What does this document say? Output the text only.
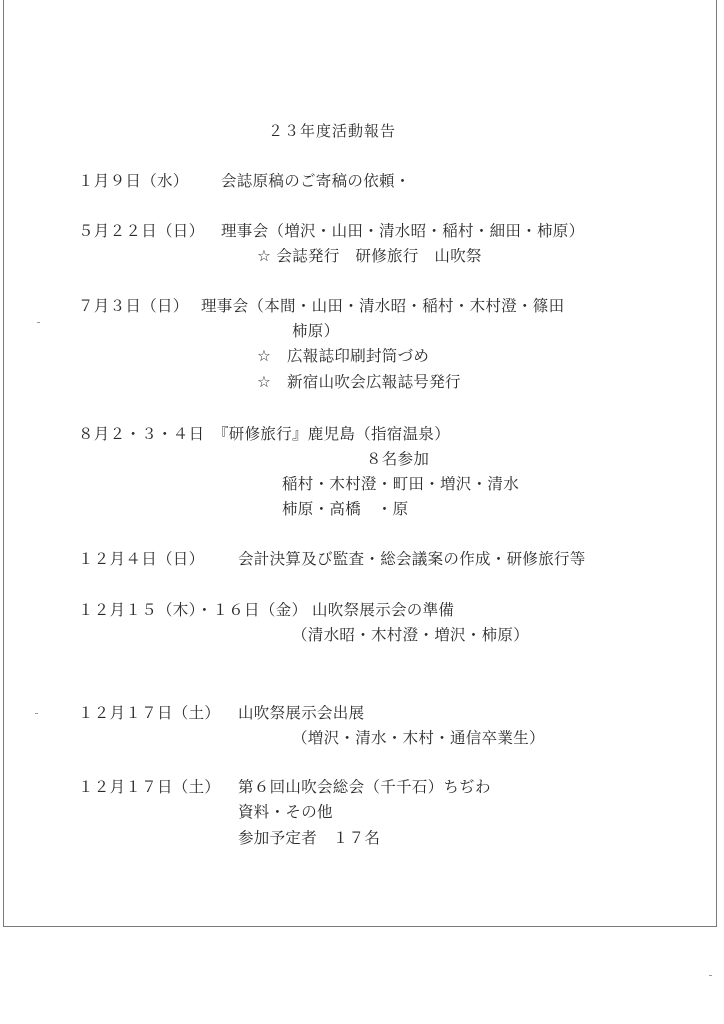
２３年度活動報告
１月９日（水） 会誌原稿のご寄稿の依頼・
５月２２日（日） 理事会（増沢・山田・清水昭・稲村・細田・柿原）
☆ 会誌発行　研修旅行　山吹祭
７月３日（日） 理事会（本間・山田・清水昭・稲村・木村澄・篠田
柿原）
☆　広報誌印刷封筒づめ
☆　新宿山吹会広報誌号発行
８月２・３・４日 『研修旅行』鹿児島（指宿温泉）
８名参加
稲村・木村澄・町田・増沢・清水
柿原・高橋　・原
１２月４日（日） 会計決算及び監査・総会議案の作成・研修旅行等
１２月１５（木）・１６日（金） 山吹祭展示会の準備
（清水昭・木村澄・増沢・柿原）
１２月１７日（土） 山吹祭展示会出展
（増沢・清水・木村・通信卒業生）
１２月１７日（土） 第６回山吹会総会（千千石）ちぢわ
資料・その他
参加予定者　１７名
